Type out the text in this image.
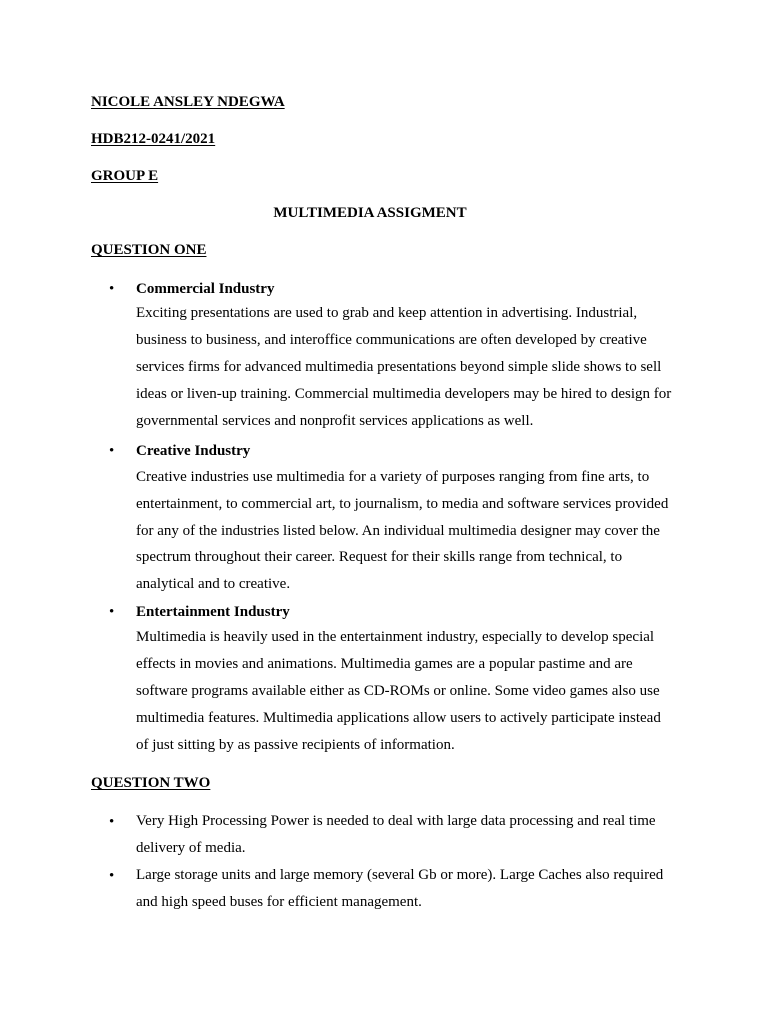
NICOLE ANSLEY NDEGWA
HDB212-0241/2021
GROUP E
MULTIMEDIA ASSIGMENT
QUESTION ONE
• Commercial Industry
Exciting presentations are used to grab and keep attention in advertising. Industrial,
business to business, and interoffice communications are often developed by creative
services firms for advanced multimedia presentations beyond simple slide shows to sell
ideas or liven-up training. Commercial multimedia developers may be hired to design for
governmental services and nonprofit services applications as well.
• Creative Industry
Creative industries use multimedia for a variety of purposes ranging from fine arts, to
entertainment, to commercial art, to journalism, to media and software services provided
for any of the industries listed below. An individual multimedia designer may cover the
spectrum throughout their career. Request for their skills range from technical, to
analytical and to creative.
• Entertainment Industry
Multimedia is heavily used in the entertainment industry, especially to develop special
effects in movies and animations. Multimedia games are a popular pastime and are
software programs available either as CD-ROMs or online. Some video games also use
multimedia features. Multimedia applications allow users to actively participate instead
of just sitting by as passive recipients of information.
QUESTION TWO
• Very High Processing Power is needed to deal with large data processing and real time
delivery of media.
• Large storage units and large memory (several Gb or more). Large Caches also required
and high speed buses for efficient management.
